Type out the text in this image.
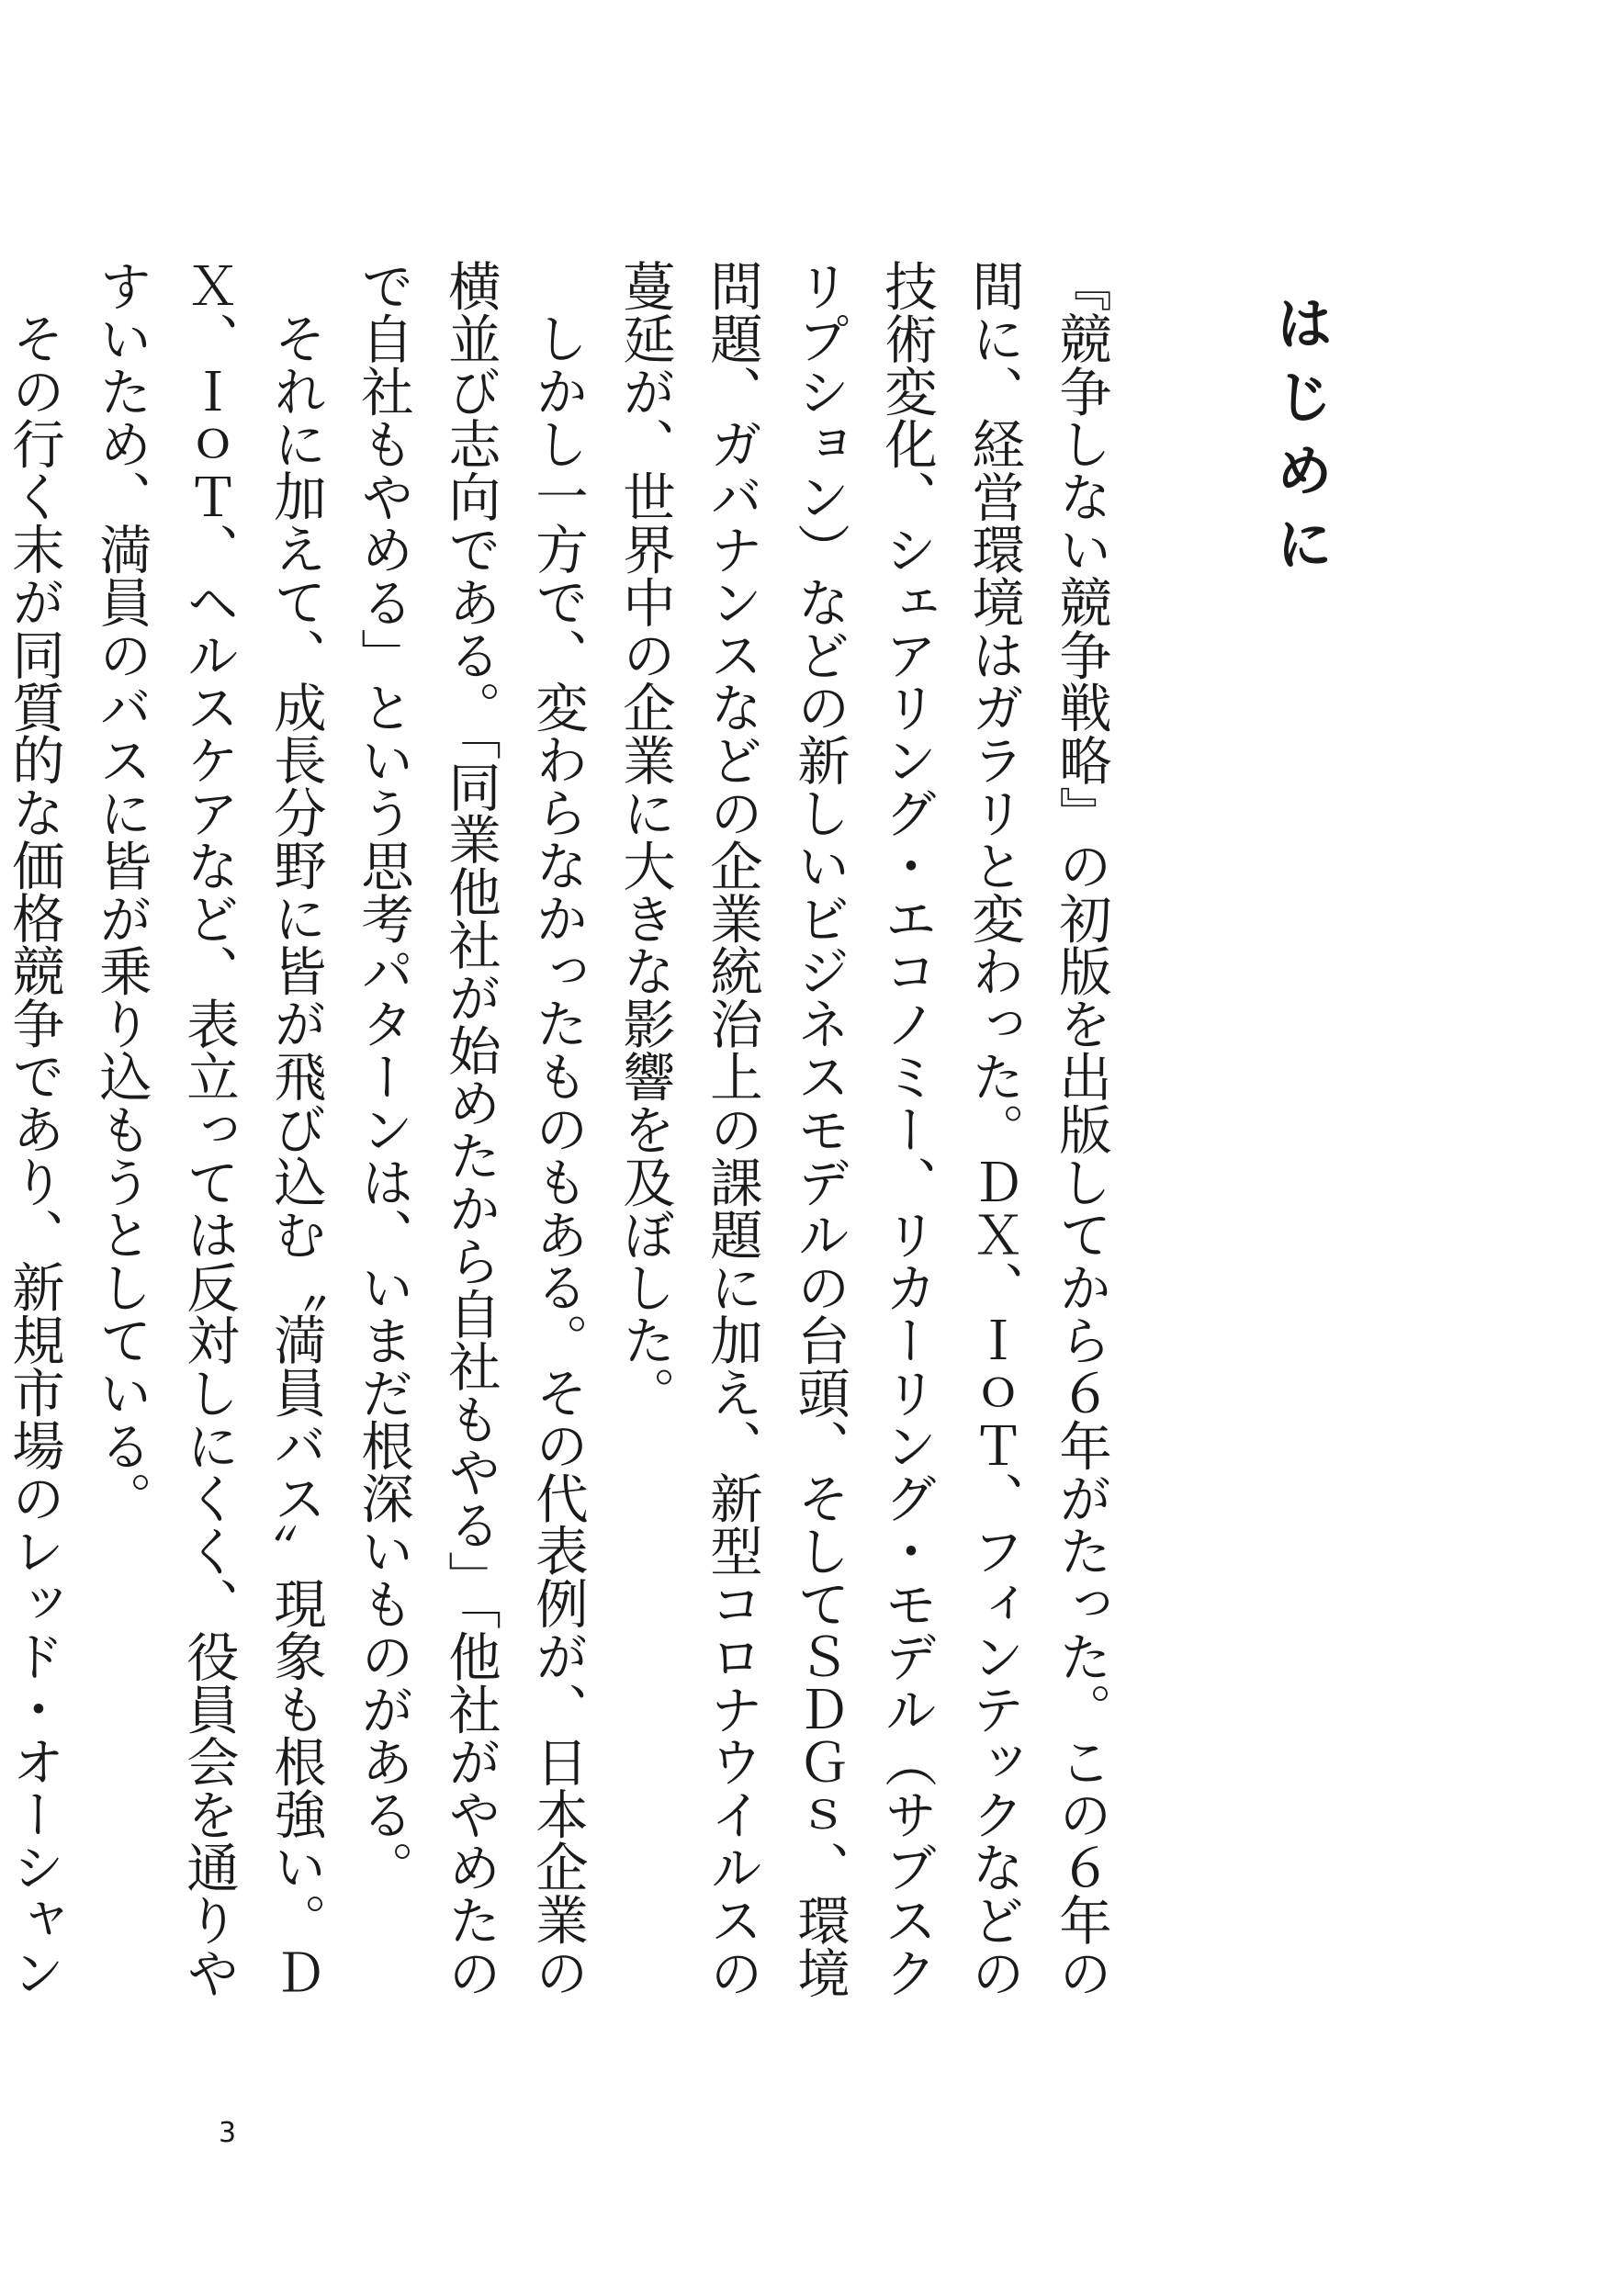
はじめに

『競争しない競争戦略』の初版を出版してから６年がたった。この６年の間に、経営環境はガラリと変わった。ＤＸ、ＩｏＴ、フィンテックなどの技術変化、シェアリング・エコノミー、リカーリング・モデル（サブスクリプション）などの新しいビジネスモデルの台頭、そしてＳＤＧｓ、環境問題、ガバナンスなどの企業統治上の課題に加え、新型コロナウイルスの蔓延が、世界中の企業に大きな影響を及ぼした。

しかし一方で、変わらなかったものもある。その代表例が、日本企業の横並び志向である。「同業他社が始めたから自社もやる」「他社がやめたので自社もやめる」という思考パターンは、いまだ根深いものがある。

それに加えて、成長分野に皆が飛び込む〝満員バス〟現象も根強い。ＤＸ、ＩｏＴ、ヘルスケアなど、表立っては反対しにくく、役員会を通りやすいため、満員のバスに皆が乗り込もうとしている。

その行く末が同質的な価格競争であり、新規市場のレッド・オーシャン

3
